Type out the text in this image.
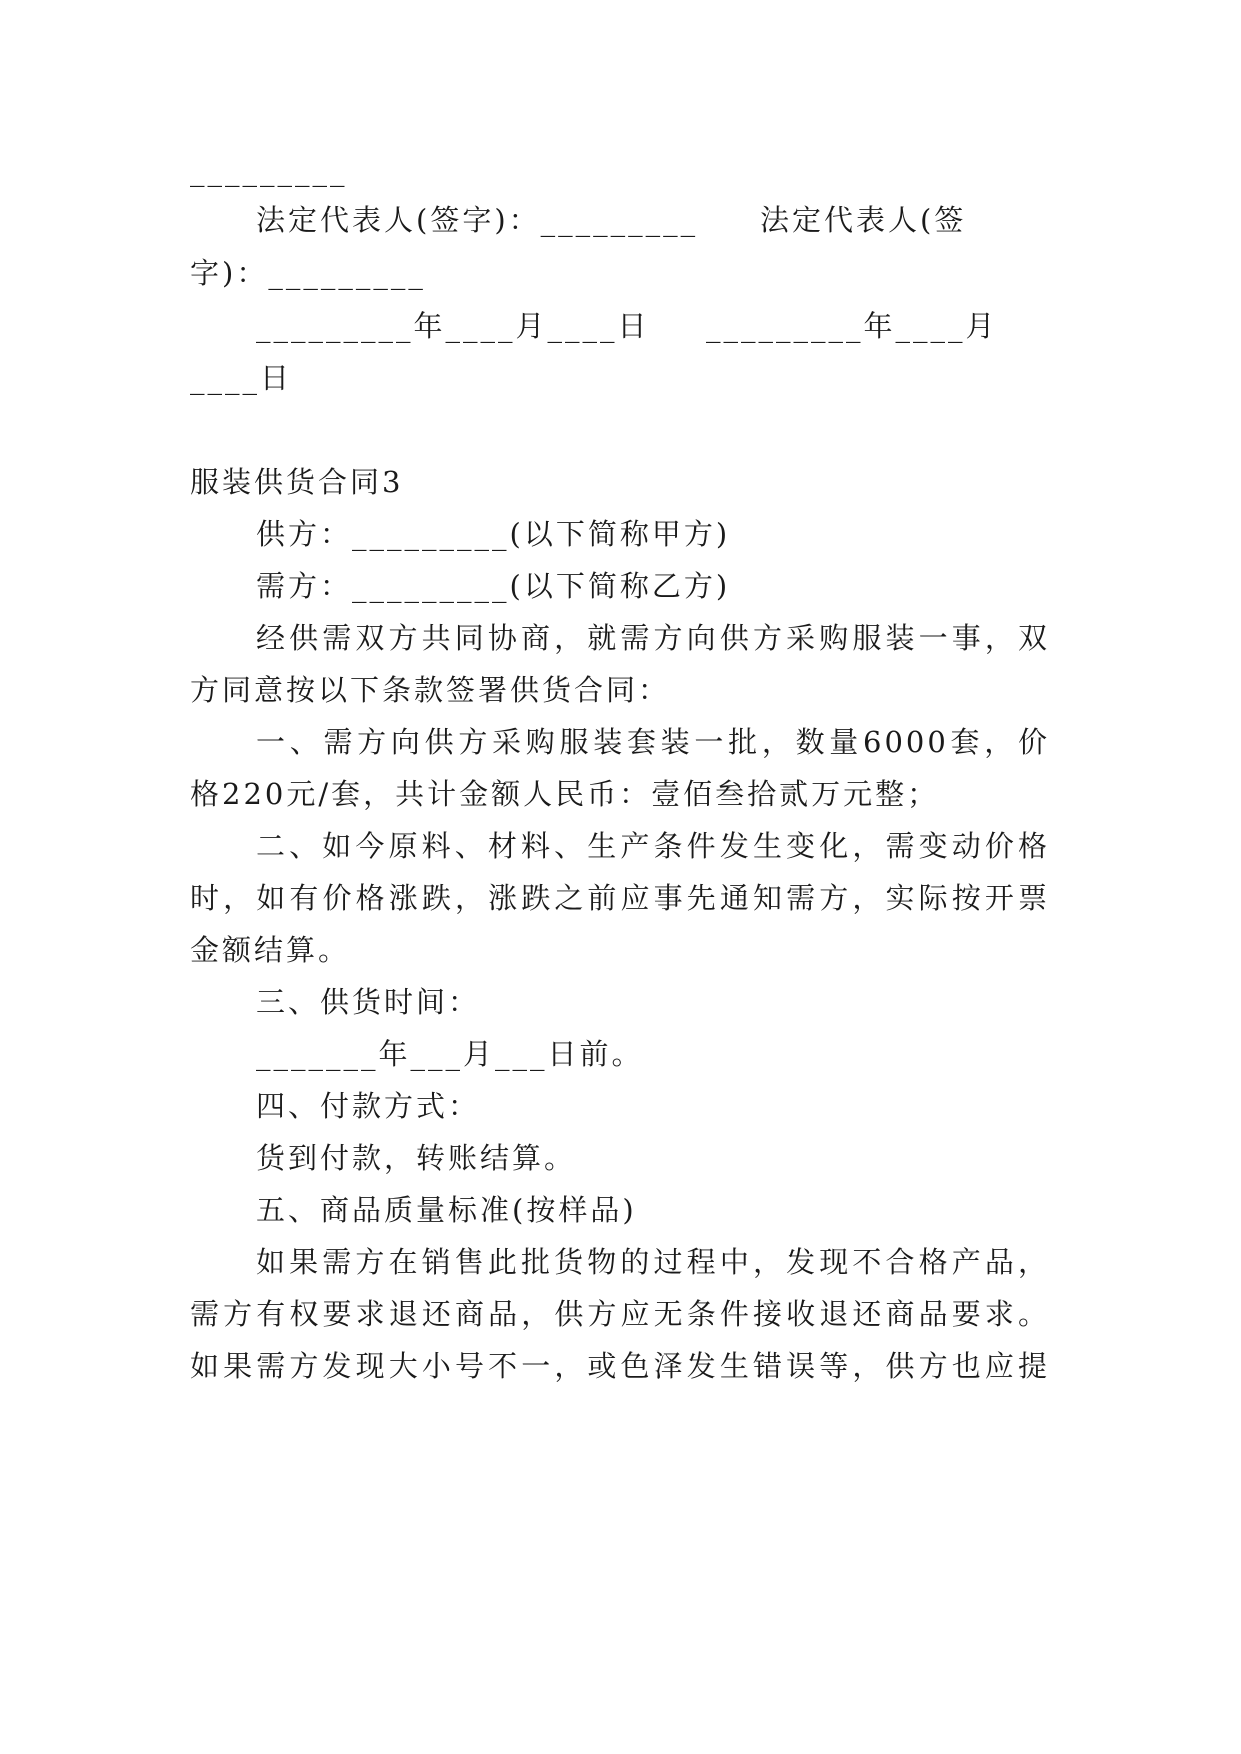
_________
法定代表人(签字)：_________ 法定代表人(签
字)：_________
_________年____月____日 _________年____月
____日
服装供货合同3
供方：_________(以下简称甲方)
需方：_________(以下简称乙方)
经供需双方共同协商，就需方向供方采购服装一事，双
方同意按以下条款签署供货合同：
一、需方向供方采购服装套装一批，数量6000套，价
格220元/套，共计金额人民币：壹佰叁拾贰万元整；
二、如今原料、材料、生产条件发生变化，需变动价格
时，如有价格涨跌，涨跌之前应事先通知需方，实际按开票
金额结算。
三、供货时间：
_______年___月___日前。
四、付款方式：
货到付款，转账结算。
五、商品质量标准(按样品)
如果需方在销售此批货物的过程中，发现不合格产品，
需方有权要求退还商品，供方应无条件接收退还商品要求。
如果需方发现大小号不一，或色泽发生错误等，供方也应提
